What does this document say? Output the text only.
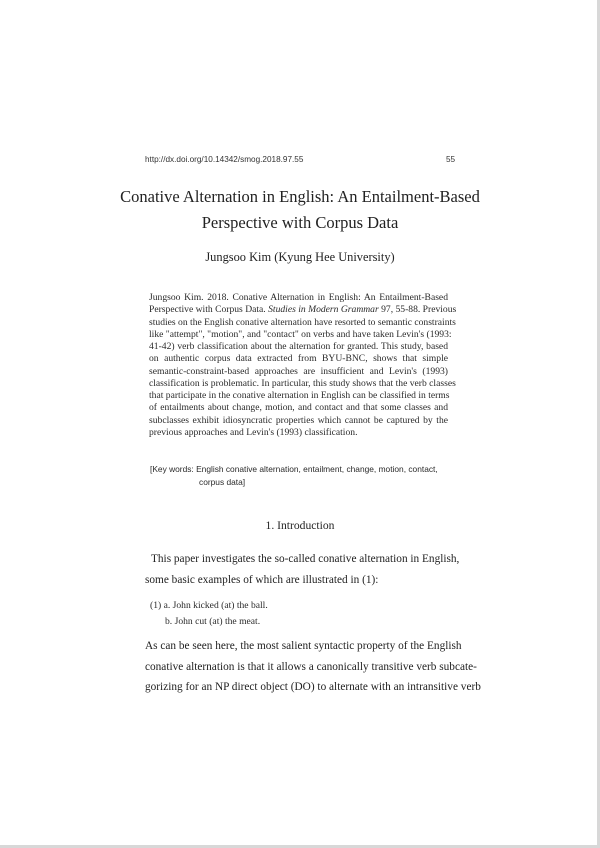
http://dx.doi.org/10.14342/smog.2018.97.55	55
Conative Alternation in English: An Entailment-Based
Perspective with Corpus Data
Jungsoo Kim (Kyung Hee University)
Jungsoo Kim. 2018. Conative Alternation in English: An Entailment-Based
Perspective with Corpus Data. Studies in Modern Grammar 97, 55-88. Previous
studies on the English conative alternation have resorted to semantic constraints
like "attempt", "motion", and "contact" on verbs and have taken Levin's (1993:
41-42) verb classification about the alternation for granted. This study, based
on authentic corpus data extracted from BYU-BNC, shows that simple
semantic-constraint-based approaches are insufficient and Levin's (1993)
classification is problematic. In particular, this study shows that the verb classes
that participate in the conative alternation in English can be classified in terms
of entailments about change, motion, and contact and that some classes and
subclasses exhibit idiosyncratic properties which cannot be captured by the
previous approaches and Levin's (1993) classification.
[Key words: English conative alternation, entailment, change, motion, contact,
corpus data]
1. Introduction
This paper investigates the so-called conative alternation in English,
some basic examples of which are illustrated in (1):
(1) a. John kicked (at) the ball.
b. John cut (at) the meat.
As can be seen here, the most salient syntactic property of the English
conative alternation is that it allows a canonically transitive verb subcate-
gorizing for an NP direct object (DO) to alternate with an intransitive verb
